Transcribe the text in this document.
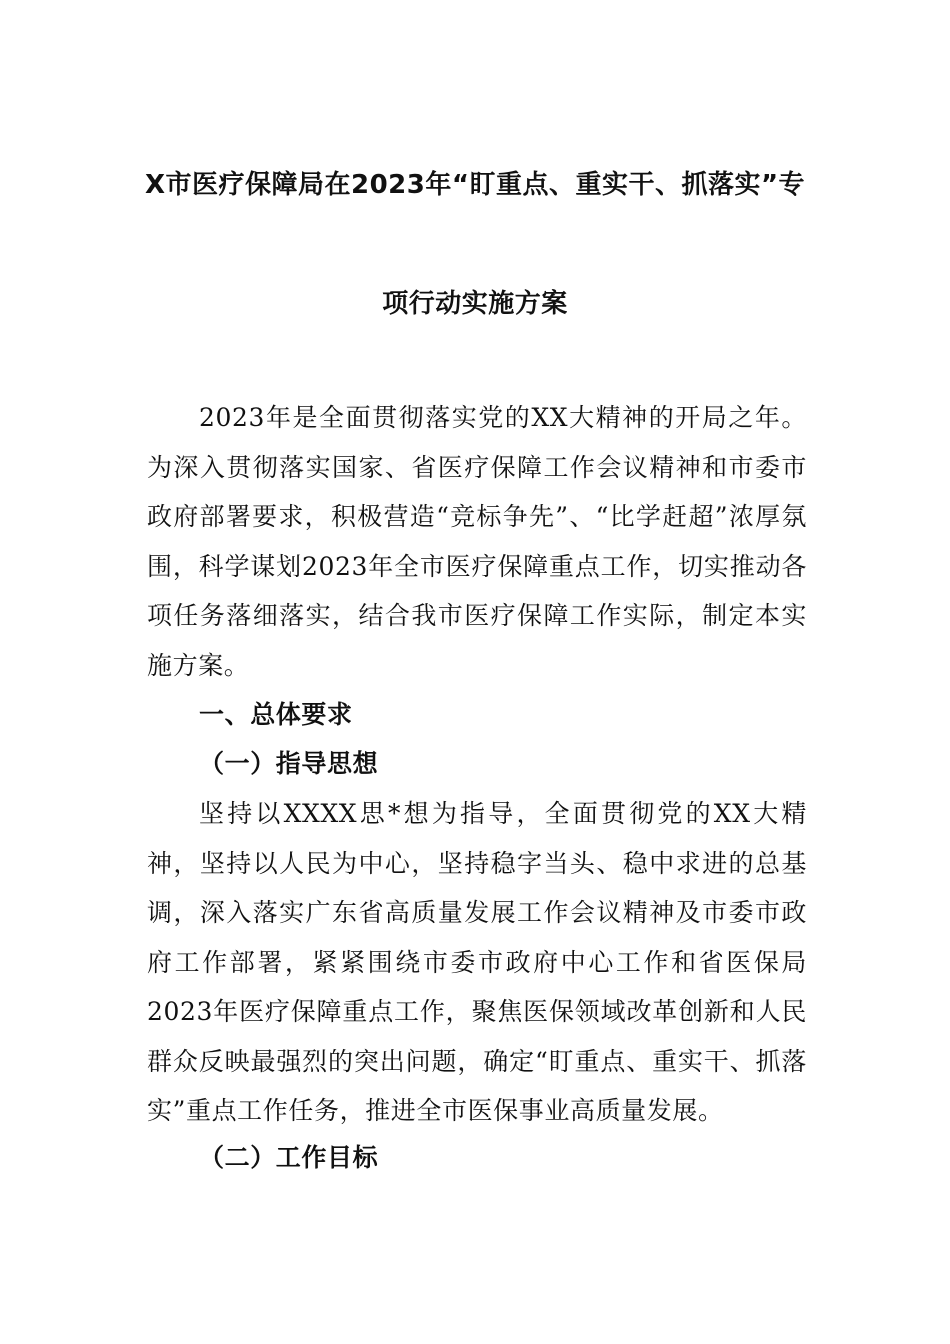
X市医疗保障局在2023年“盯重点、重实干、抓落实”专
项行动实施方案

2023年是全面贯彻落实党的XX大精神的开局之年。为深入贯彻落实国家、省医疗保障工作会议精神和市委市政府部署要求，积极营造“竞标争先”、“比学赶超”浓厚氛围，科学谋划2023年全市医疗保障重点工作，切实推动各项任务落细落实，结合我市医疗保障工作实际，制定本实施方案。

一、总体要求
（一）指导思想

坚持以XXXX思*想为指导，全面贯彻党的XX大精神，坚持以人民为中心，坚持稳字当头、稳中求进的总基调，深入落实广东省高质量发展工作会议精神及市委市政府工作部署，紧紧围绕市委市政府中心工作和省医保局2023年医疗保障重点工作，聚焦医保领域改革创新和人民群众反映最强烈的突出问题，确定“盯重点、重实干、抓落实”重点工作任务，推进全市医保事业高质量发展。

（二）工作目标
